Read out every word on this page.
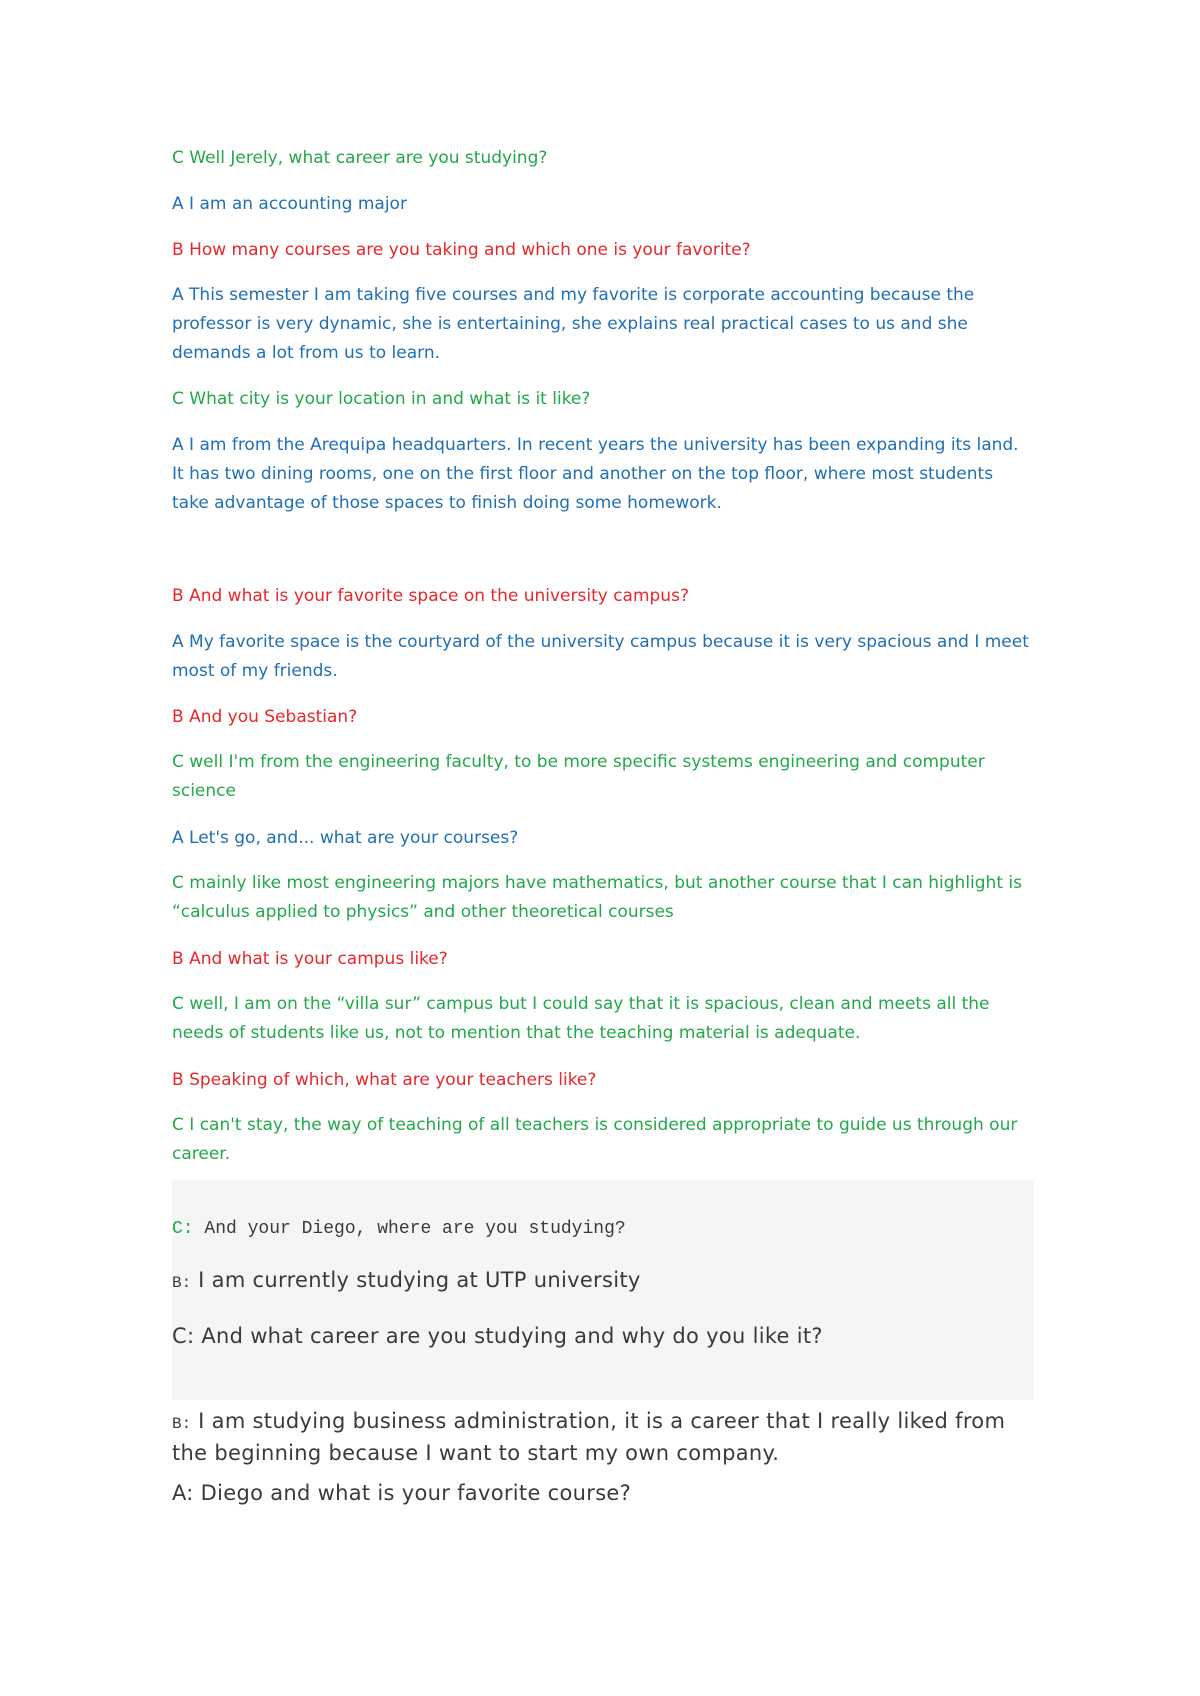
C Well Jerely, what career are you studying?

A I am an accounting major

B How many courses are you taking and which one is your favorite?

A This semester I am taking five courses and my favorite is corporate accounting because the professor is very dynamic, she is entertaining, she explains real practical cases to us and she demands a lot from us to learn.

C What city is your location in and what is it like?

A I am from the Arequipa headquarters. In recent years the university has been expanding its land. It has two dining rooms, one on the first floor and another on the top floor, where most students take advantage of those spaces to finish doing some homework.

B And what is your favorite space on the university campus?

A My favorite space is the courtyard of the university campus because it is very spacious and I meet most of my friends.

B And you Sebastian?

C well I'm from the engineering faculty, to be more specific systems engineering and computer science

A Let's go, and... what are your courses?

C mainly like most engineering majors have mathematics, but another course that I can highlight is “calculus applied to physics” and other theoretical courses

B And what is your campus like?

C well, I am on the “villa sur” campus but I could say that it is spacious, clean and meets all the needs of students like us, not to mention that the teaching material is adequate.

B Speaking of which, what are your teachers like?

C I can't stay, the way of teaching of all teachers is considered appropriate to guide us through our career.

C: And your Diego, where are you studying?
B: I am currently studying at UTP university
C: And what career are you studying and why do you like it?
B: I am studying business administration, it is a career that I really liked from the beginning because I want to start my own company.
A: Diego and what is your favorite course?
